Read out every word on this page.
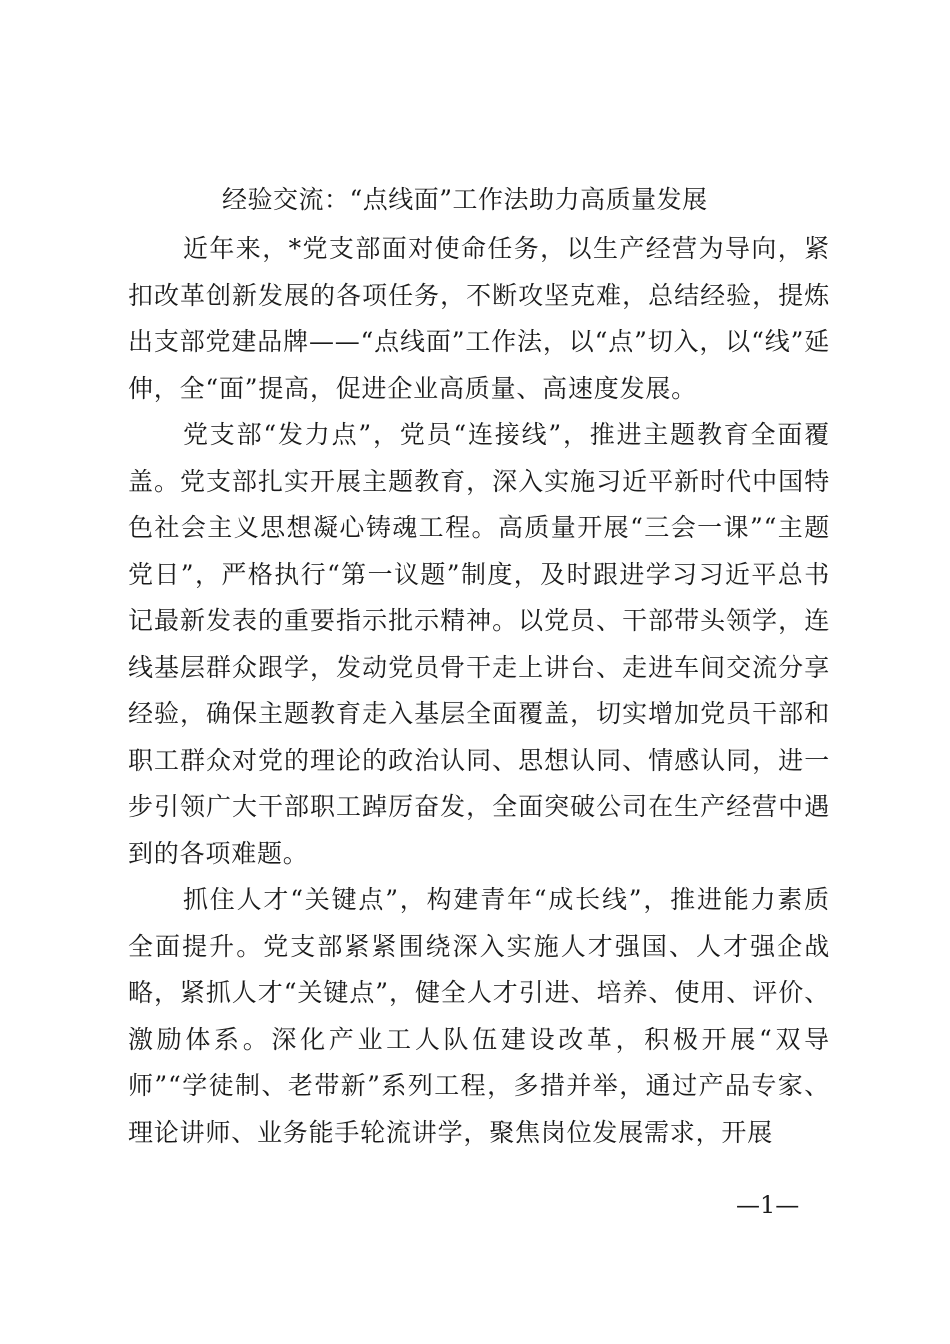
经验交流：“点线面”工作法助力高质量发展

近年来，*党支部面对使命任务，以生产经营为导向，紧扣改革创新发展的各项任务，不断攻坚克难，总结经验，提炼出支部党建品牌——“点线面”工作法，以“点”切入，以“线”延伸，全“面”提高，促进企业高质量、高速度发展。

党支部“发力点”，党员“连接线”，推进主题教育全面覆盖。党支部扎实开展主题教育，深入实施习近平新时代中国特色社会主义思想凝心铸魂工程。高质量开展“三会一课”“主题党日”，严格执行“第一议题”制度，及时跟进学习习近平总书记最新发表的重要指示批示精神。以党员、干部带头领学，连线基层群众跟学，发动党员骨干走上讲台、走进车间交流分享经验，确保主题教育走入基层全面覆盖，切实增加党员干部和职工群众对党的理论的政治认同、思想认同、情感认同，进一步引领广大干部职工踔厉奋发，全面突破公司在生产经营中遇到的各项难题。

抓住人才“关键点”，构建青年“成长线”，推进能力素质全面提升。党支部紧紧围绕深入实施人才强国、人才强企战略，紧抓人才“关键点”，健全人才引进、培养、使用、评价、激励体系。深化产业工人队伍建设改革，积极开展“双导师”“学徒制、老带新”系列工程，多措并举，通过产品专家、理论讲师、业务能手轮流讲学，聚焦岗位发展需求，开展

—1—
